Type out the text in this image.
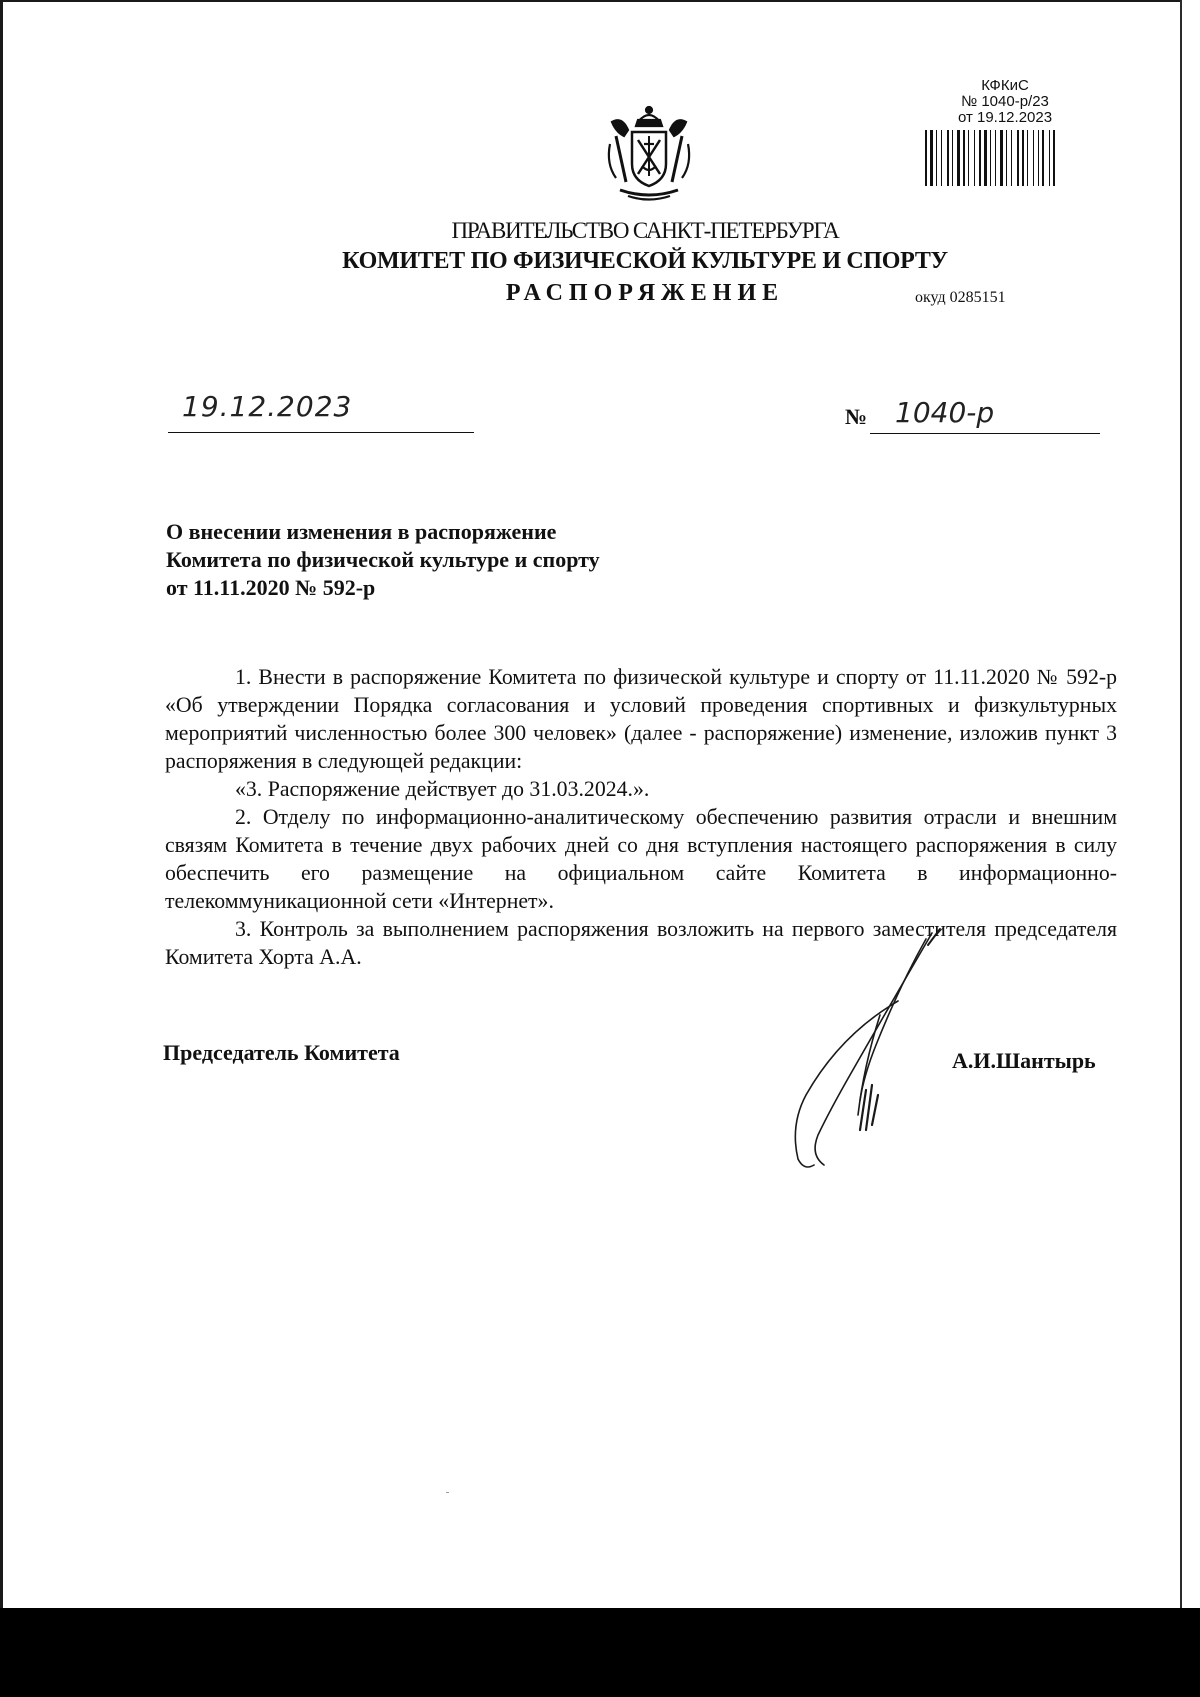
КФКиС
№ 1040-р/23
от 19.12.2023
ПРАВИТЕЛЬСТВО САНКТ-ПЕТЕРБУРГА
КОМИТЕТ ПО ФИЗИЧЕСКОЙ КУЛЬТУРЕ И СПОРТУ
РАСПОРЯЖЕНИЕ	окуд 0285151
19.12.2023	№ 1040-р
О внесении изменения в распоряжение
Комитета по физической культуре и спорту
от 11.11.2020 № 592-р

1. Внести в распоряжение Комитета по физической культуре и спорту от 11.11.2020 № 592-р «Об утверждении Порядка согласования и условий проведения спортивных и физкультурных мероприятий численностью более 300 человек» (далее - распоряжение) изменение, изложив пункт 3 распоряжения в следующей редакции:

«3. Распоряжение действует до 31.03.2024.».

2. Отделу по информационно-аналитическому обеспечению развития отрасли и внешним связям Комитета в течение двух рабочих дней со дня вступления настоящего распоряжения в силу обеспечить его размещение на официальном сайте Комитета в информационно-телекоммуникационной сети «Интернет».

3. Контроль за выполнением распоряжения возложить на первого заместителя председателя Комитета Хорта А.А.

Председатель Комитета	А.И.Шантырь
